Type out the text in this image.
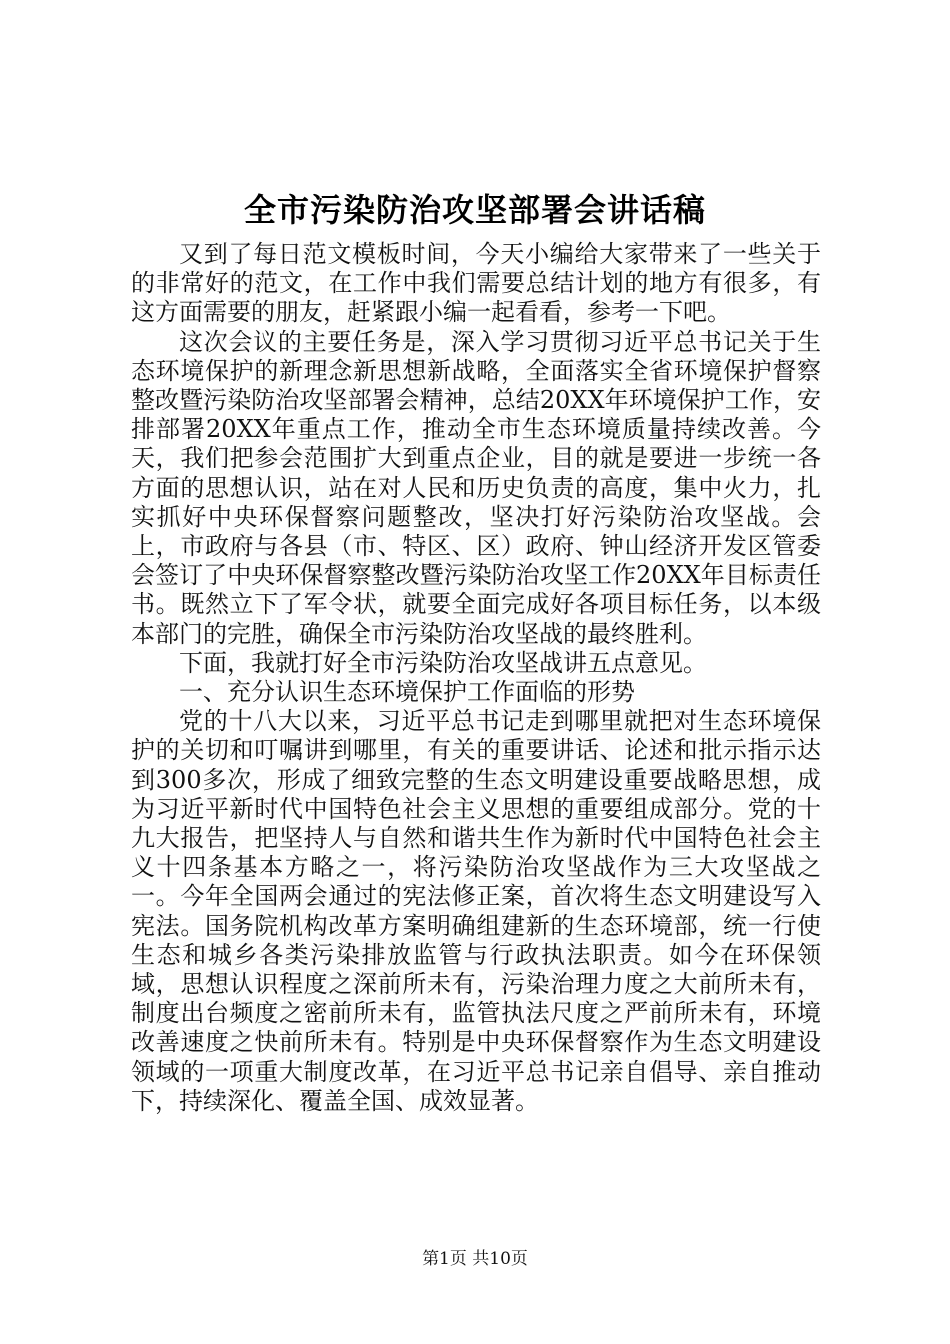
全市污染防治攻坚部署会讲话稿

又到了每日范文模板时间，今天小编给大家带来了一些关于的非常好的范文，在工作中我们需要总结计划的地方有很多，有这方面需要的朋友，赶紧跟小编一起看看，参考一下吧。

这次会议的主要任务是，深入学习贯彻习近平总书记关于生态环境保护的新理念新思想新战略，全面落实全省环境保护督察整改暨污染防治攻坚部署会精神，总结20XX年环境保护工作，安排部署20XX年重点工作，推动全市生态环境质量持续改善。今天，我们把参会范围扩大到重点企业，目的就是要进一步统一各方面的思想认识，站在对人民和历史负责的高度，集中火力，扎实抓好中央环保督察问题整改，坚决打好污染防治攻坚战。会上，市政府与各县（市、特区、区）政府、钟山经济开发区管委会签订了中央环保督察整改暨污染防治攻坚工作20XX年目标责任书。既然立下了军令状，就要全面完成好各项目标任务，以本级本部门的完胜，确保全市污染防治攻坚战的最终胜利。

下面，我就打好全市污染防治攻坚战讲五点意见。

一、充分认识生态环境保护工作面临的形势

党的十八大以来，习近平总书记走到哪里就把对生态环境保护的关切和叮嘱讲到哪里，有关的重要讲话、论述和批示指示达到300多次，形成了细致完整的生态文明建设重要战略思想，成为习近平新时代中国特色社会主义思想的重要组成部分。党的十九大报告，把坚持人与自然和谐共生作为新时代中国特色社会主义十四条基本方略之一，将污染防治攻坚战作为三大攻坚战之一。今年全国两会通过的宪法修正案，首次将生态文明建设写入宪法。国务院机构改革方案明确组建新的生态环境部，统一行使生态和城乡各类污染排放监管与行政执法职责。如今在环保领域，思想认识程度之深前所未有，污染治理力度之大前所未有，制度出台频度之密前所未有，监管执法尺度之严前所未有，环境改善速度之快前所未有。特别是中央环保督察作为生态文明建设领域的一项重大制度改革，在习近平总书记亲自倡导、亲自推动下，持续深化、覆盖全国、成效显著。

第1页 共10页
